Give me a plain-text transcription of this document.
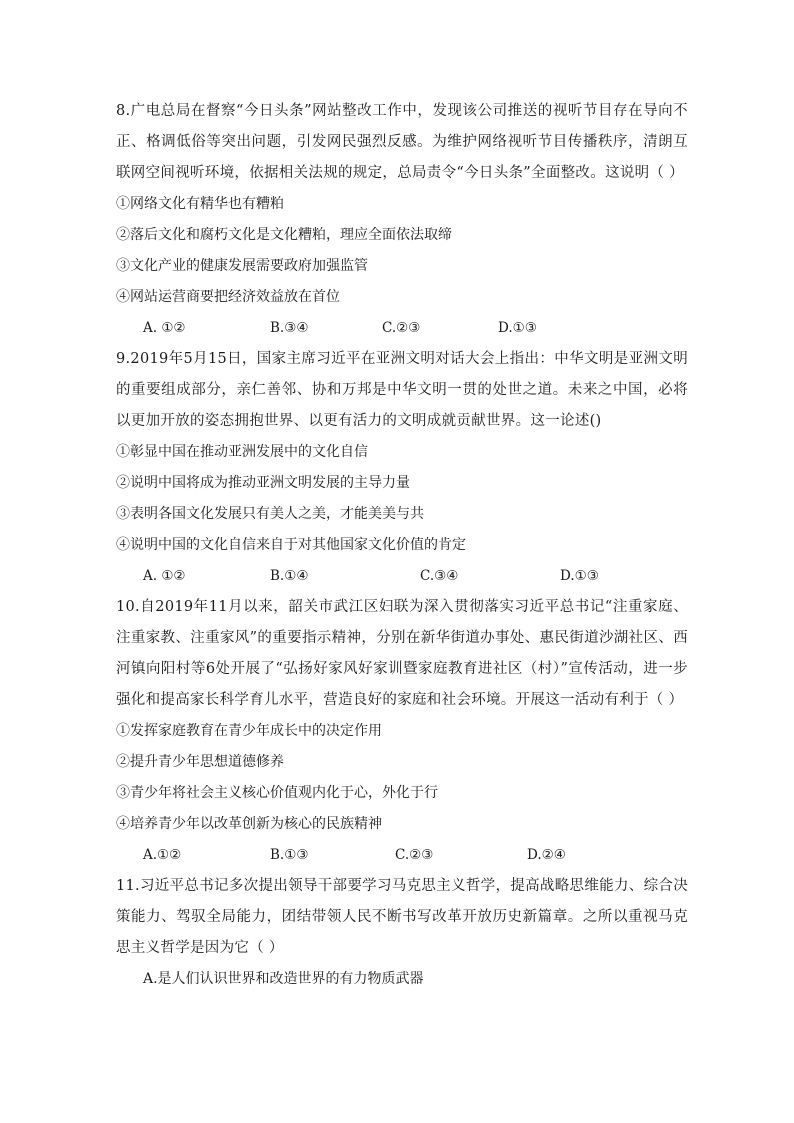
8.广电总局在督察“今日头条”网站整改工作中，发现该公司推送的视听节目存在导向不正、格调低俗等突出问题，引发网民强烈反感。为维护网络视听节目传播秩序，清朗互联网空间视听环境，依据相关法规的规定，总局责令“今日头条”全面整改。这说明（ ）

①网络文化有精华也有糟粕

②落后文化和腐朽文化是文化糟粕，理应全面依法取缔

③文化产业的健康发展需要政府加强监管

④网站运营商要把经济效益放在首位

A. ①②	B.③④	C.②③	D.①③

9.2019年5月15日，国家主席习近平在亚洲文明对话大会上指出：中华文明是亚洲文明的重要组成部分，亲仁善邻、协和万邦是中华文明一贯的处世之道。未来之中国，必将以更加开放的姿态拥抱世界、以更有活力的文明成就贡献世界。这一论述()

①彰显中国在推动亚洲发展中的文化自信

②说明中国将成为推动亚洲文明发展的主导力量

③表明各国文化发展只有美人之美，才能美美与共

④说明中国的文化自信来自于对其他国家文化价值的肯定

A. ①②	B.①④	C.③④	D.①③

10.自2019年11月以来，韶关市武江区妇联为深入贯彻落实习近平总书记“注重家庭、注重家教、注重家风”的重要指示精神，分别在新华街道办事处、惠民街道沙湖社区、西河镇向阳村等6处开展了“弘扬好家风好家训暨家庭教育进社区（村）”宣传活动，进一步强化和提高家长科学育儿水平，营造良好的家庭和社会环境。开展这一活动有利于（ ）

①发挥家庭教育在青少年成长中的决定作用

②提升青少年思想道德修养

③青少年将社会主义核心价值观内化于心，外化于行

④培养青少年以改革创新为核心的民族精神

A.①②	B.①③	C.②③	D.②④

11.习近平总书记多次提出领导干部要学习马克思主义哲学，提高战略思维能力、综合决策能力、驾驭全局能力，团结带领人民不断书写改革开放历史新篇章。之所以重视马克思主义哲学是因为它（ ）

A.是人们认识世界和改造世界的有力物质武器
